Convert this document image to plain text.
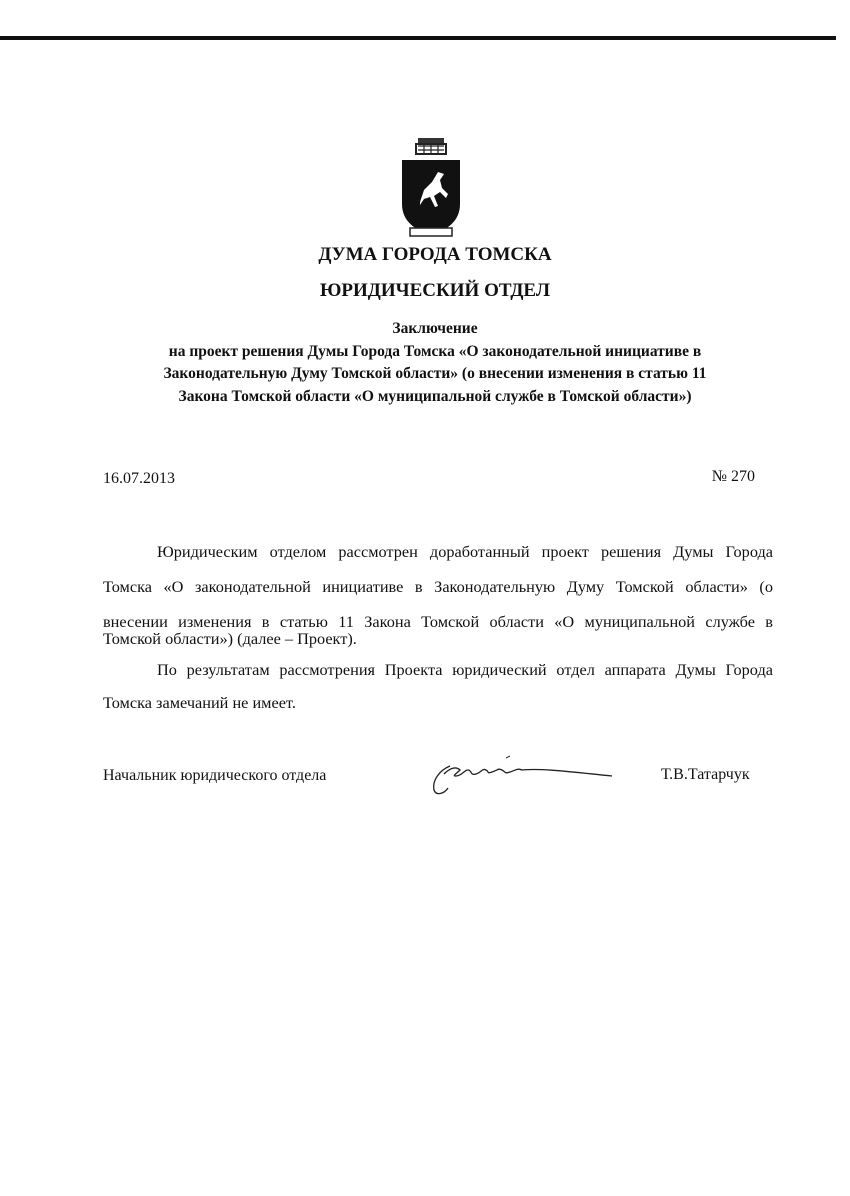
ДУМА ГОРОДА ТОМСКА
ЮРИДИЧЕСКИЙ ОТДЕЛ
Заключение
на проект решения Думы Города Томска «О законодательной инициативе в
Законодательную Думу Томской области» (о внесении изменения в статью 11
Закона Томской области «О муниципальной службе в Томской области»)
16.07.2013	№ 270
Юридическим отделом рассмотрен доработанный проект решения Думы Города
Томска «О законодательной инициативе в Законодательную Думу Томской области» (о
внесении изменения в статью 11 Закона Томской области «О муниципальной службе в
Томской области») (далее – Проект).
По результатам рассмотрения Проекта юридический отдел аппарата Думы Города
Томска замечаний не имеет.
Начальник юридического отдела	Т.В.Татарчук
